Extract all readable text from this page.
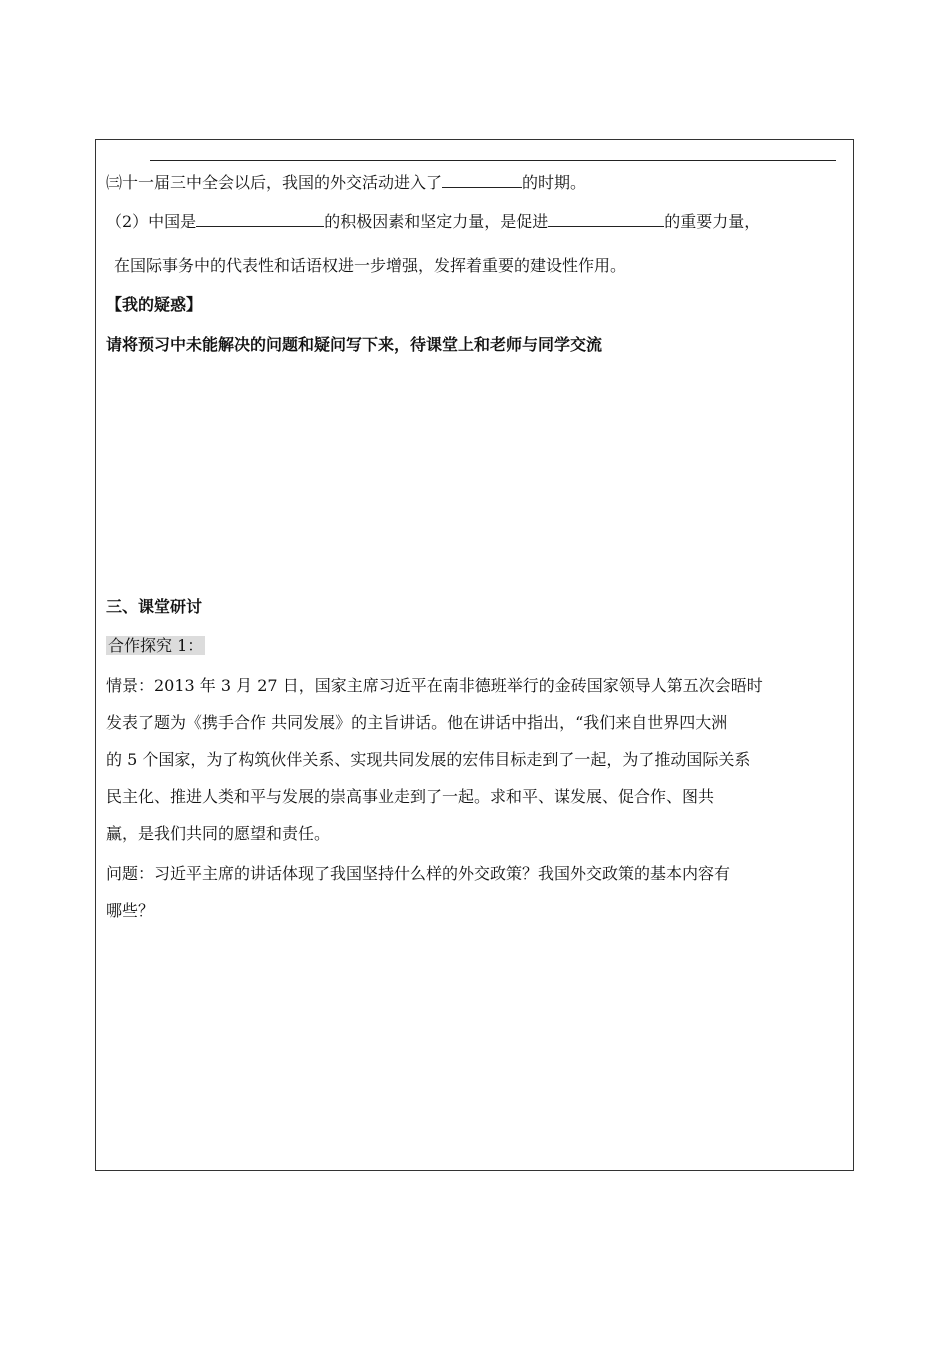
㈢十一届三中全会以后，我国的外交活动进入了	的时期。
（2）中国是	的积极因素和坚定力量，是促进	的重要力量，
在国际事务中的代表性和话语权进一步增强，发挥着重要的建设性作用。
【我的疑惑】
请将预习中未能解决的问题和疑问写下来，待课堂上和老师与同学交流
三、课堂研讨
合作探究 1：
情景：2013 年 3 月 27 日，国家主席习近平在南非德班举行的金砖国家领导人第五次会晤时
发表了题为《携手合作 共同发展》的主旨讲话。他在讲话中指出，“我们来自世界四大洲
的 5 个国家，为了构筑伙伴关系、实现共同发展的宏伟目标走到了一起，为了推动国际关系
民主化、推进人类和平与发展的崇高事业走到了一起。求和平、谋发展、促合作、图共
赢，是我们共同的愿望和责任。
问题：习近平主席的讲话体现了我国坚持什么样的外交政策？我国外交政策的基本内容有
哪些？
